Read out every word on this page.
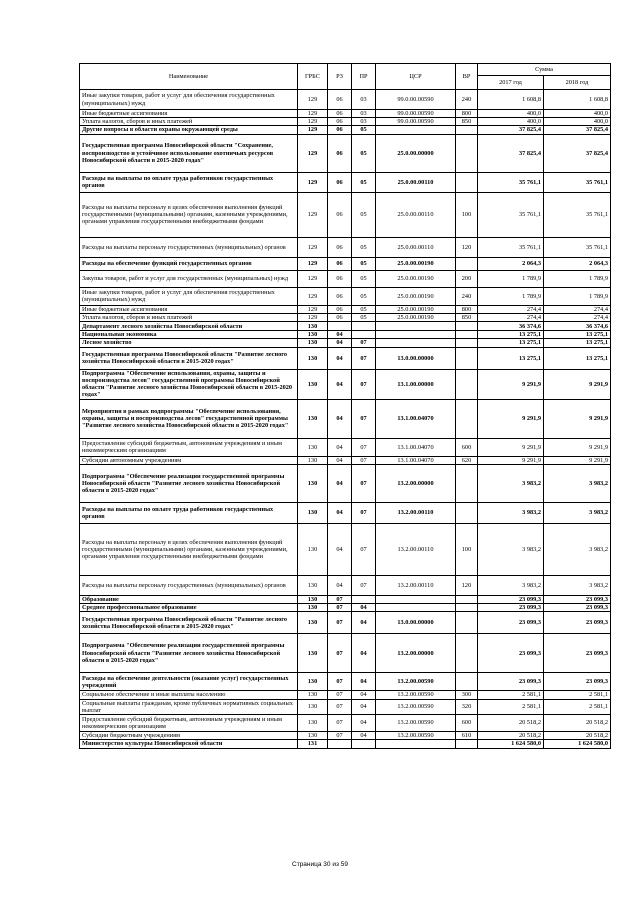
Наименование	ГРБС	РЗ	ПР	ЦСР	ВР	Сумма	
						2017 год	2018 год
Иные закупки товаров, работ и услуг для обеспечения государственных (муниципальных) нужд	129	06	03	99.0.00.00590	240	1 608,8	1 608,8
Иные бюджетные ассигнования	129	06	03	99.0.00.00590	800	400,0	400,0
Уплата налогов, сборов и иных платежей	129	06	03	99.0.00.00590	850	400,0	400,0
Другие вопросы в области охраны окружающей среды	129	06	05			37 825,4	37 825,4
Государственная программа Новосибирской области "Сохранение, воспроизводство и устойчивое использование охотничьих ресурсов Новосибирской области в 2015-2020 годах"	129	06	05	25.0.00.00000		37 825,4	37 825,4
Расходы на выплаты по оплате труда работников государственных органов	129	06	05	25.0.00.00110		35 761,1	35 761,1
Расходы на выплаты персоналу в целях обеспечения выполнения функций государственными (муниципальными) органами, казенными учреждениями, органами управления государственными внебюджетными фондами	129	06	05	25.0.00.00110	100	35 761,1	35 761,1
Расходы на выплаты персоналу государственных (муниципальных) органов	129	06	05	25.0.00.00110	120	35 761,1	35 761,1
Расходы на обеспечение функций государственных органов	129	06	05	25.0.00.00190		2 064,3	2 064,3
Закупка товаров, работ и услуг для государственных (муниципальных) нужд	129	06	05	25.0.00.00190	200	1 789,9	1 789,9
Иные закупки товаров, работ и услуг для обеспечения государственных (муниципальных) нужд	129	06	05	25.0.00.00190	240	1 789,9	1 789,9
Иные бюджетные ассигнования	129	06	05	25.0.00.00190	800	274,4	274,4
Уплата налогов, сборов и иных платежей	129	06	05	25.0.00.00190	850	274,4	274,4
Департамент лесного хозяйства Новосибирской области	130					36 374,6	36 374,6
Национальная экономика	130	04				13 275,1	13 275,1
Лесное хозяйство	130	04	07			13 275,1	13 275,1
Государственная программа Новосибирской области "Развитие лесного хозяйства Новосибирской области в 2015-2020 годах"	130	04	07	13.0.00.00000		13 275,1	13 275,1
Подпрограмма "Обеспечение использования, охраны, защиты и воспроизводства лесов" государственной программы Новосибирской области "Развитие лесного хозяйства Новосибирской области в 2015-2020 годах"	130	04	07	13.1.00.00000		9 291,9	9 291,9
Мероприятия в рамках подпрограммы "Обеспечение использования, охраны, защиты и воспроизводства лесов" государственной программы "Развитие лесного хозяйства Новосибирской области в 2015-2020 годах"	130	04	07	13.1.00.04070		9 291,9	9 291,9
Предоставление субсидий бюджетным, автономным учреждениям и иным некоммерческим организациям	130	04	07	13.1.00.04070	600	9 291,9	9 291,9
Субсидии автономным учреждениям	130	04	07	13.1.00.04070	620	9 291,9	9 291,9
Подпрограмма "Обеспечение реализации государственной программы Новосибирской области "Развитие лесного хозяйства Новосибирской области в 2015-2020 годах"	130	04	07	13.2.00.00000		3 983,2	3 983,2
Расходы на выплаты по оплате труда работников государственных органов	130	04	07	13.2.00.00110		3 983,2	3 983,2
Расходы на выплаты персоналу в целях обеспечения выполнения функций государственными (муниципальными) органами, казенными учреждениями, органами управления государственными внебюджетными фондами	130	04	07	13.2.00.00110	100	3 983,2	3 983,2
Расходы на выплаты персоналу государственных (муниципальных) органов	130	04	07	13.2.00.00110	120	3 983,2	3 983,2
Образование	130	07				23 099,3	23 099,3
Среднее профессиональное образование	130	07	04			23 099,3	23 099,3
Государственная программа Новосибирской области "Развитие лесного хозяйства Новосибирской области в 2015-2020 годах"	130	07	04	13.0.00.00000		23 099,3	23 099,3
Подпрограмма "Обеспечение реализации государственной программы Новосибирской области "Развитие лесного хозяйства Новосибирской области в 2015-2020 годах"	130	07	04	13.2.00.00000		23 099,3	23 099,3
Расходы на обеспечение деятельности (оказание услуг) государственных учреждений	130	07	04	13.2.00.00590		23 099,3	23 099,3
Социальное обеспечение и иные выплаты населению	130	07	04	13.2.00.00590	300	2 581,1	2 581,1
Социальные выплаты гражданам, кроме публичных нормативных социальных выплат	130	07	04	13.2.00.00590	320	2 581,1	2 581,1
Предоставление субсидий бюджетным, автономным учреждениям и иным некоммерческим организациям	130	07	04	13.2.00.00590	600	20 518,2	20 518,2
Субсидии бюджетным учреждениям	130	07	04	13.2.00.00590	610	20 518,2	20 518,2
Министерство культуры Новосибирской области	131					1 624 580,0	1 624 580,0
Страница 30 из 59
